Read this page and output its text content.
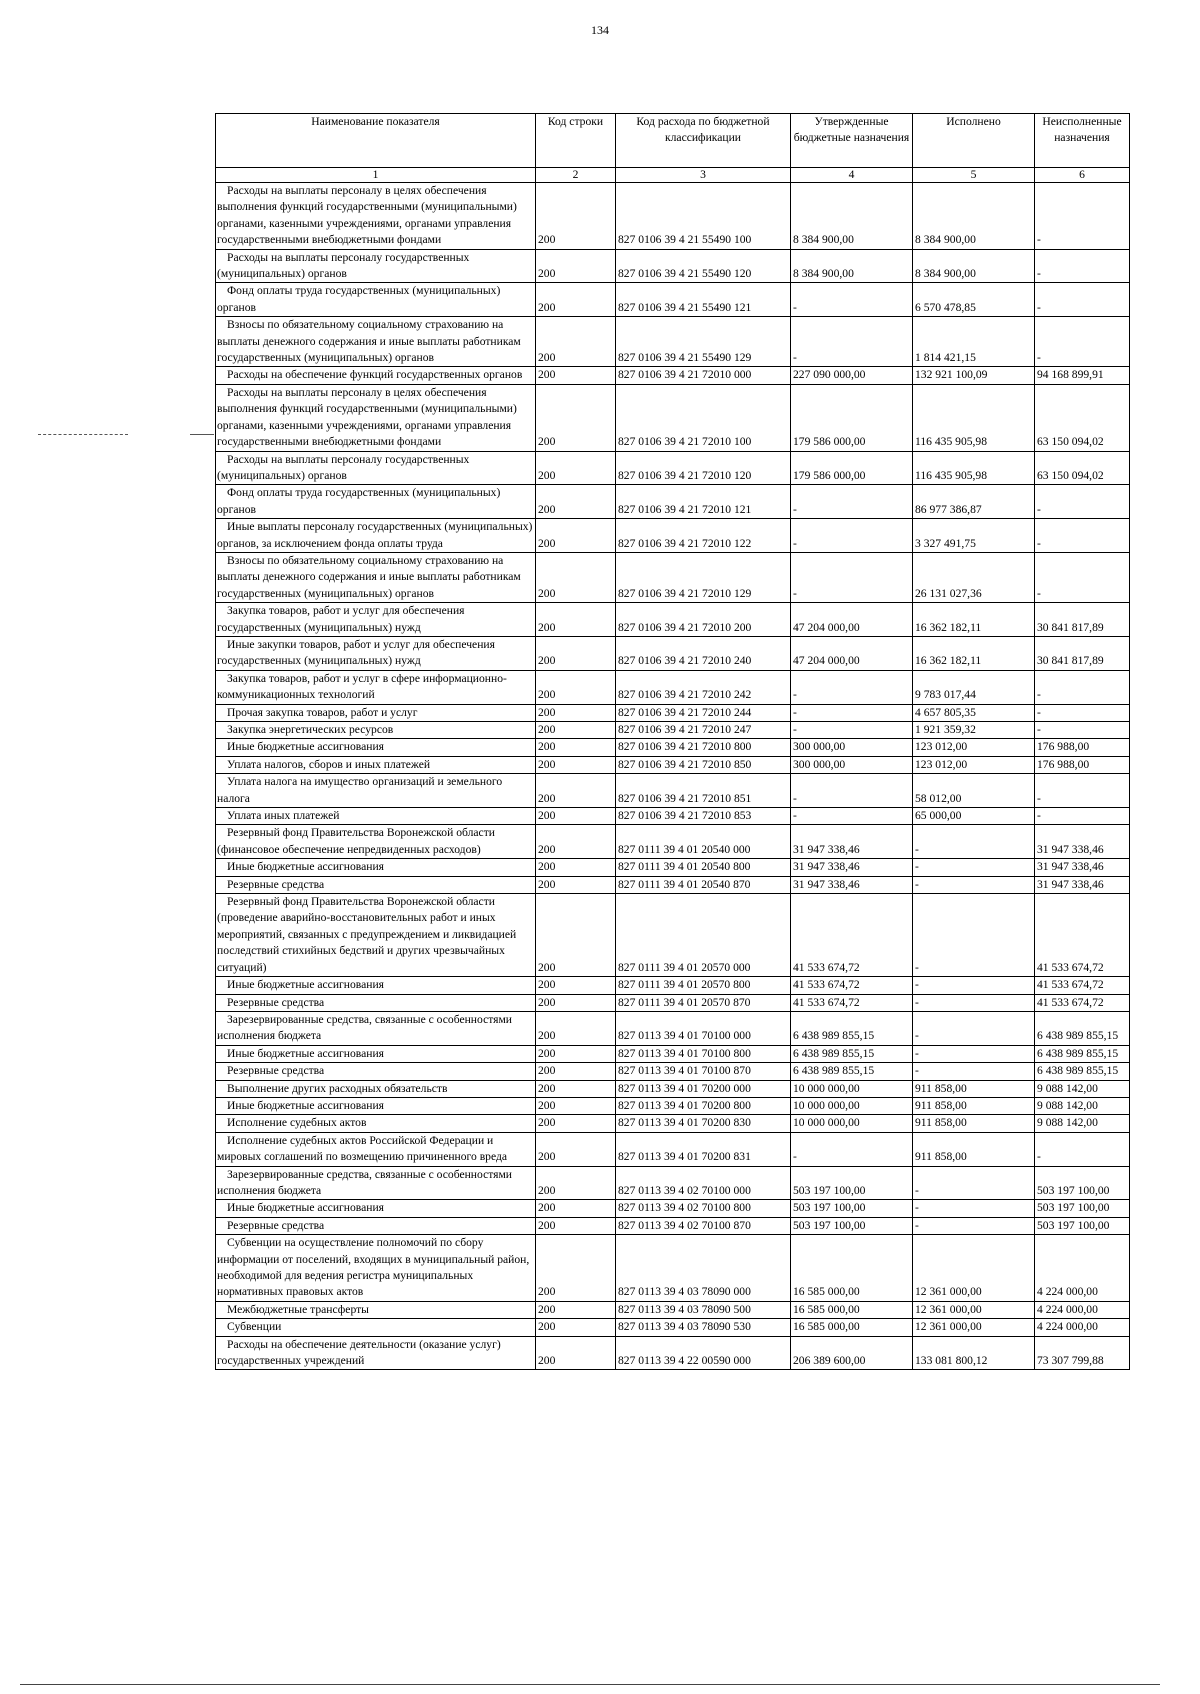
134
Наименование показателя	Код строки	Код расхода по бюджетной классификации	Утвержденные бюджетные назначения	Исполнено	Неисполненные назначения
1	2	3	4	5	6
Расходы на выплаты персоналу в целях обеспечения выполнения функций государственными (муниципальными) органами, казенными учреждениями, органами управления государственными внебюджетными фондами	200	827 0106 39 4 21 55490 100	8 384 900,00	8 384 900,00	-
Расходы на выплаты персоналу государственных (муниципальных) органов	200	827 0106 39 4 21 55490 120	8 384 900,00	8 384 900,00	-
Фонд оплаты труда государственных (муниципальных) органов	200	827 0106 39 4 21 55490 121	-	6 570 478,85	-
Взносы по обязательному социальному страхованию на выплаты денежного содержания и иные выплаты работникам государственных (муниципальных) органов	200	827 0106 39 4 21 55490 129	-	1 814 421,15	-
Расходы на обеспечение функций государственных органов	200	827 0106 39 4 21 72010 000	227 090 000,00	132 921 100,09	94 168 899,91
Расходы на выплаты персоналу в целях обеспечения выполнения функций государственными (муниципальными) органами, казенными учреждениями, органами управления государственными внебюджетными фондами	200	827 0106 39 4 21 72010 100	179 586 000,00	116 435 905,98	63 150 094,02
Расходы на выплаты персоналу государственных (муниципальных) органов	200	827 0106 39 4 21 72010 120	179 586 000,00	116 435 905,98	63 150 094,02
Фонд оплаты труда государственных (муниципальных) органов	200	827 0106 39 4 21 72010 121	-	86 977 386,87	-
Иные выплаты персоналу государственных (муниципальных) органов, за исключением фонда оплаты труда	200	827 0106 39 4 21 72010 122	-	3 327 491,75	-
Взносы по обязательному социальному страхованию на выплаты денежного содержания и иные выплаты работникам государственных (муниципальных) органов	200	827 0106 39 4 21 72010 129	-	26 131 027,36	-
Закупка товаров, работ и услуг для обеспечения государственных (муниципальных) нужд	200	827 0106 39 4 21 72010 200	47 204 000,00	16 362 182,11	30 841 817,89
Иные закупки товаров, работ и услуг для обеспечения государственных (муниципальных) нужд	200	827 0106 39 4 21 72010 240	47 204 000,00	16 362 182,11	30 841 817,89
Закупка товаров, работ и услуг в сфере информационно-коммуникационных технологий	200	827 0106 39 4 21 72010 242	-	9 783 017,44	-
Прочая закупка товаров, работ и услуг	200	827 0106 39 4 21 72010 244	-	4 657 805,35	-
Закупка энергетических ресурсов	200	827 0106 39 4 21 72010 247	-	1 921 359,32	-
Иные бюджетные ассигнования	200	827 0106 39 4 21 72010 800	300 000,00	123 012,00	176 988,00
Уплата налогов, сборов и иных платежей	200	827 0106 39 4 21 72010 850	300 000,00	123 012,00	176 988,00
Уплата налога на имущество организаций и земельного налога	200	827 0106 39 4 21 72010 851	-	58 012,00	-
Уплата иных платежей	200	827 0106 39 4 21 72010 853	-	65 000,00	-
Резервный фонд Правительства Воронежской области (финансовое обеспечение непредвиденных расходов)	200	827 0111 39 4 01 20540 000	31 947 338,46	-	31 947 338,46
Иные бюджетные ассигнования	200	827 0111 39 4 01 20540 800	31 947 338,46	-	31 947 338,46
Резервные средства	200	827 0111 39 4 01 20540 870	31 947 338,46	-	31 947 338,46
Резервный фонд Правительства Воронежской области (проведение аварийно-восстановительных работ и иных мероприятий, связанных с предупреждением и ликвидацией последствий стихийных бедствий и других чрезвычайных ситуаций)	200	827 0111 39 4 01 20570 000	41 533 674,72	-	41 533 674,72
Иные бюджетные ассигнования	200	827 0111 39 4 01 20570 800	41 533 674,72	-	41 533 674,72
Резервные средства	200	827 0111 39 4 01 20570 870	41 533 674,72	-	41 533 674,72
Зарезервированные средства, связанные с особенностями исполнения бюджета	200	827 0113 39 4 01 70100 000	6 438 989 855,15	-	6 438 989 855,15
Иные бюджетные ассигнования	200	827 0113 39 4 01 70100 800	6 438 989 855,15	-	6 438 989 855,15
Резервные средства	200	827 0113 39 4 01 70100 870	6 438 989 855,15	-	6 438 989 855,15
Выполнение других расходных обязательств	200	827 0113 39 4 01 70200 000	10 000 000,00	911 858,00	9 088 142,00
Иные бюджетные ассигнования	200	827 0113 39 4 01 70200 800	10 000 000,00	911 858,00	9 088 142,00
Исполнение судебных актов	200	827 0113 39 4 01 70200 830	10 000 000,00	911 858,00	9 088 142,00
Исполнение судебных актов Российской Федерации и мировых соглашений по возмещению причиненного вреда	200	827 0113 39 4 01 70200 831	-	911 858,00	-
Зарезервированные средства, связанные с особенностями исполнения бюджета	200	827 0113 39 4 02 70100 000	503 197 100,00	-	503 197 100,00
Иные бюджетные ассигнования	200	827 0113 39 4 02 70100 800	503 197 100,00	-	503 197 100,00
Резервные средства	200	827 0113 39 4 02 70100 870	503 197 100,00	-	503 197 100,00
Субвенции на осуществление полномочий по сбору информации от поселений, входящих в муниципальный район, необходимой для ведения регистра муниципальных нормативных правовых актов	200	827 0113 39 4 03 78090 000	16 585 000,00	12 361 000,00	4 224 000,00
Межбюджетные трансферты	200	827 0113 39 4 03 78090 500	16 585 000,00	12 361 000,00	4 224 000,00
Субвенции	200	827 0113 39 4 03 78090 530	16 585 000,00	12 361 000,00	4 224 000,00
Расходы на обеспечение деятельности (оказание услуг) государственных учреждений	200	827 0113 39 4 22 00590 000	206 389 600,00	133 081 800,12	73 307 799,88
